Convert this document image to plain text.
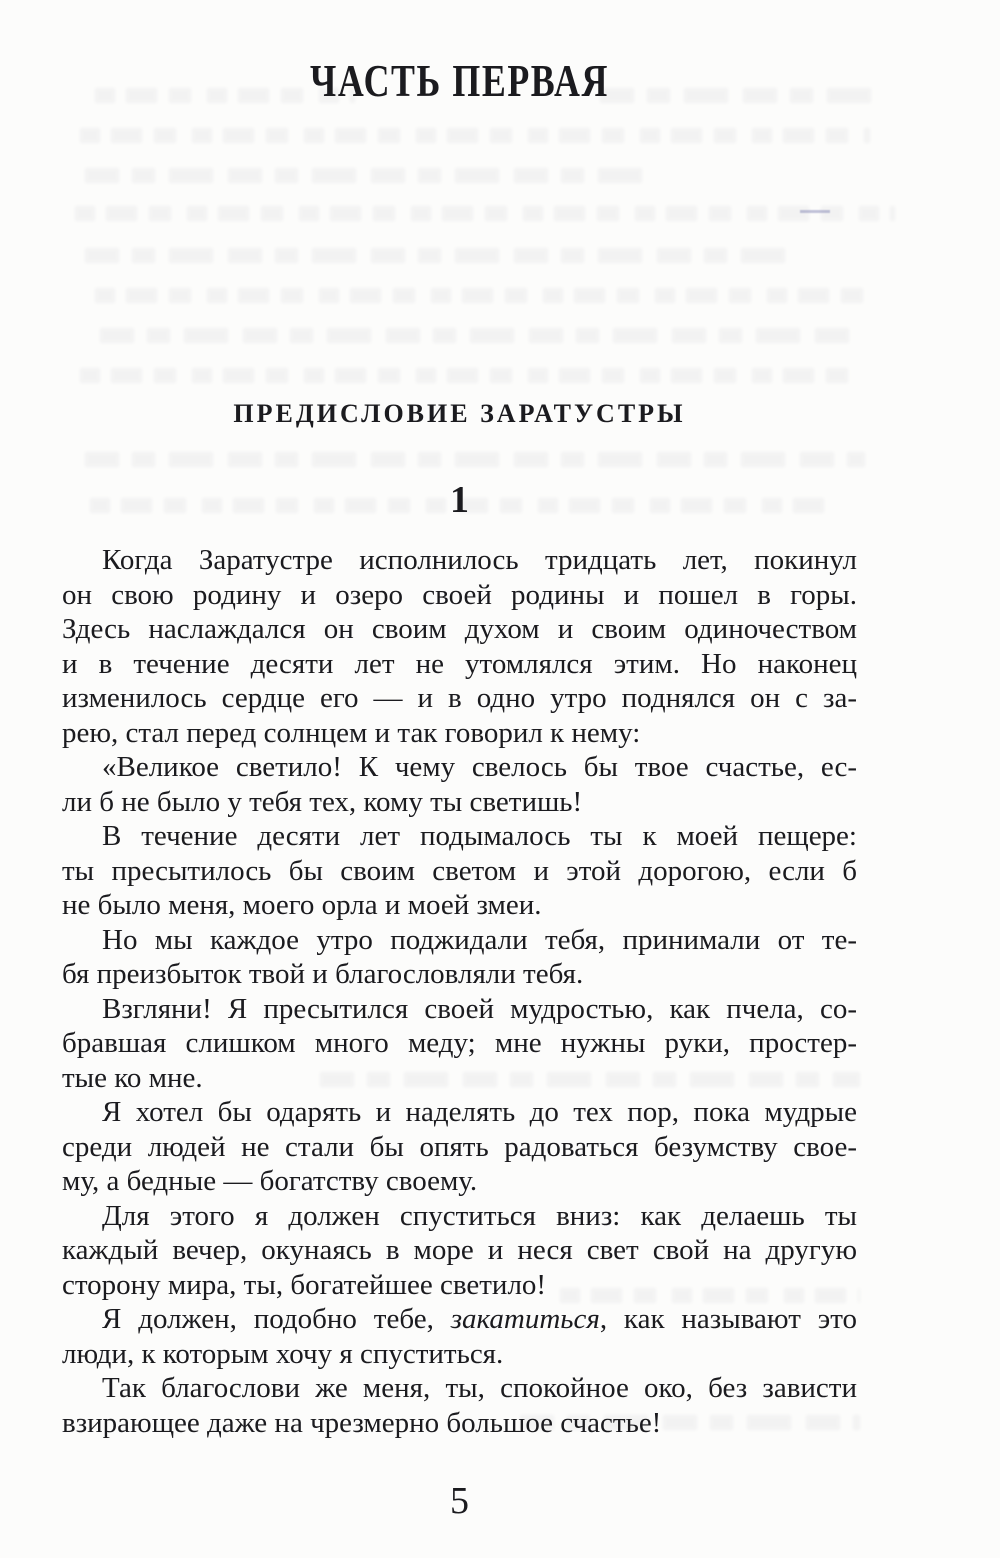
ЧАСТЬ ПЕРВАЯ
ПРЕДИСЛОВИЕ ЗАРАТУСТРЫ
1

Когда Заратустре исполнилось тридцать лет, покинул
он свою родину и озеро своей родины и пошел в горы.
Здесь наслаждался он своим духом и своим одиночеством
и в течение десяти лет не утомлялся этим. Но наконец
изменилось сердце его — и в одно утро поднялся он с за-
рею, стал перед солнцем и так говорил к нему:

«Великое светило! К чему свелось бы твое счастье, ес-
ли б не было у тебя тех, кому ты светишь!

В течение десяти лет подымалось ты к моей пещере:
ты пресытилось бы своим светом и этой дорогою, если б
не было меня, моего орла и моей змеи.

Но мы каждое утро поджидали тебя, принимали от те-
бя преизбыток твой и благословляли тебя.

Взгляни! Я пресытился своей мудростью, как пчела, со-
бравшая слишком много меду; мне нужны руки, простер-
тые ко мне.

Я хотел бы одарять и наделять до тех пор, пока мудрые
среди людей не стали бы опять радоваться безумству свое-
му, а бедные — богатству своему.

Для этого я должен спуститься вниз: как делаешь ты
каждый вечер, окунаясь в море и неся свет свой на другую
сторону мира, ты, богатейшее светило!

Я должен, подобно тебе, закатиться, как называют это
люди, к которым хочу я спуститься.

Так благослови же меня, ты, спокойное око, без зависти
взирающее даже на чрезмерно большое счастье!

5
